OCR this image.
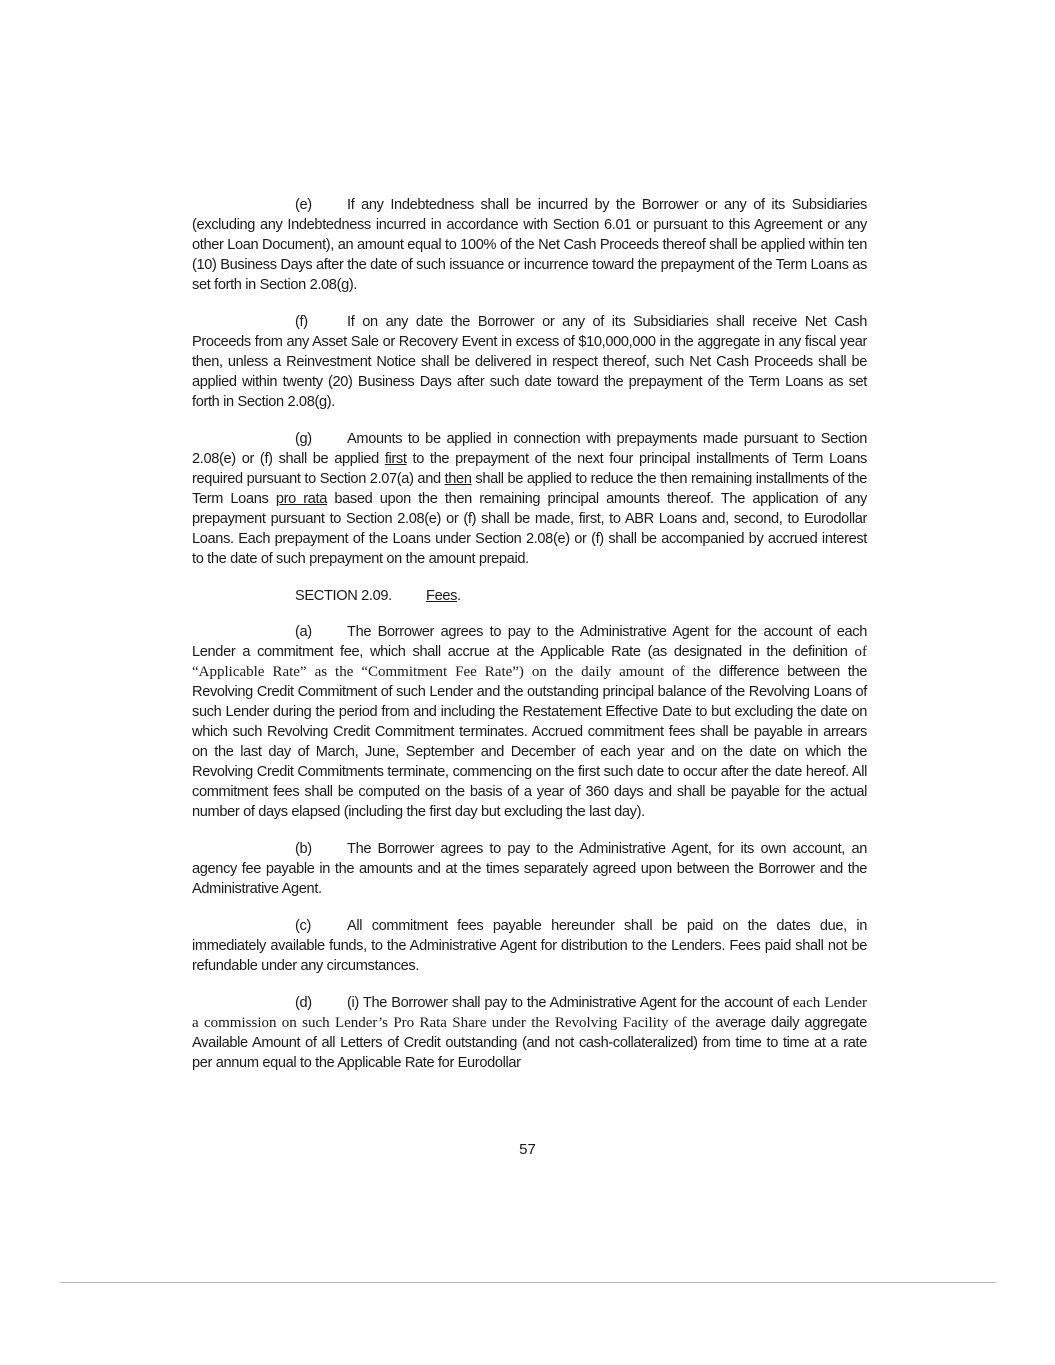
(e) If any Indebtedness shall be incurred by the Borrower or any of its Subsidiaries (excluding any Indebtedness incurred in accordance with Section 6.01 or pursuant to this Agreement or any other Loan Document), an amount equal to 100% of the Net Cash Proceeds thereof shall be applied within ten (10) Business Days after the date of such issuance or incurrence toward the prepayment of the Term Loans as set forth in Section 2.08(g).

(f)	If on any date the Borrower or any of its Subsidiaries shall receive Net Cash Proceeds from any Asset Sale or Recovery Event in excess of $10,000,000 in the aggregate in any fiscal year then, unless a Reinvestment Notice shall be delivered in respect thereof, such Net Cash Proceeds shall be applied within twenty (20) Business Days after such date toward the prepayment of the Term Loans as set forth in Section 2.08(g).

(g) Amounts to be applied in connection with prepayments made pursuant to Section 2.08(e) or (f) shall be applied first to the prepayment of the next four principal installments of Term Loans required pursuant to Section 2.07(a) and then shall be applied to reduce the then remaining installments of the Term Loans pro rata based upon the then remaining principal amounts thereof. The application of any prepayment pursuant to Section 2.08(e) or (f) shall be made, first, to ABR Loans and, second, to Eurodollar Loans. Each prepayment of the Loans under Section 2.08(e) or (f) shall be accompanied by accrued interest to the date of such prepayment on the amount prepaid.

SECTION 2.09. Fees.

(a) The Borrower agrees to pay to the Administrative Agent for the account of each Lender a commitment fee, which shall accrue at the Applicable Rate (as designated in the definition of “Applicable Rate” as the “Commitment Fee Rate”) on the daily amount of the difference between the Revolving Credit Commitment of such Lender and the outstanding principal balance of the Revolving Loans of such Lender during the period from and including the Restatement Effective Date to but excluding the date on which such Revolving Credit Commitment terminates. Accrued commitment fees shall be payable in arrears on the last day of March, June, September and December of each year and on the date on which the Revolving Credit Commitments terminate, commencing on the first such date to occur after the date hereof. All commitment fees shall be computed on the basis of a year of 360 days and shall be payable for the actual number of days elapsed (including the first day but excluding the last day).

(b) The Borrower agrees to pay to the Administrative Agent, for its own account, an agency fee payable in the amounts and at the times separately agreed upon between the Borrower and the Administrative Agent.

(c) All commitment fees payable hereunder shall be paid on the dates due, in immediately available funds, to the Administrative Agent for distribution to the Lenders. Fees paid shall not be refundable under any circumstances.

(d) (i) The Borrower shall pay to the Administrative Agent for the account of each Lender a commission on such Lender’s Pro Rata Share under the Revolving Facility of the average daily aggregate Available Amount of all Letters of Credit outstanding (and not cash-collateralized) from time to time at a rate per annum equal to the Applicable Rate for Eurodollar

57
